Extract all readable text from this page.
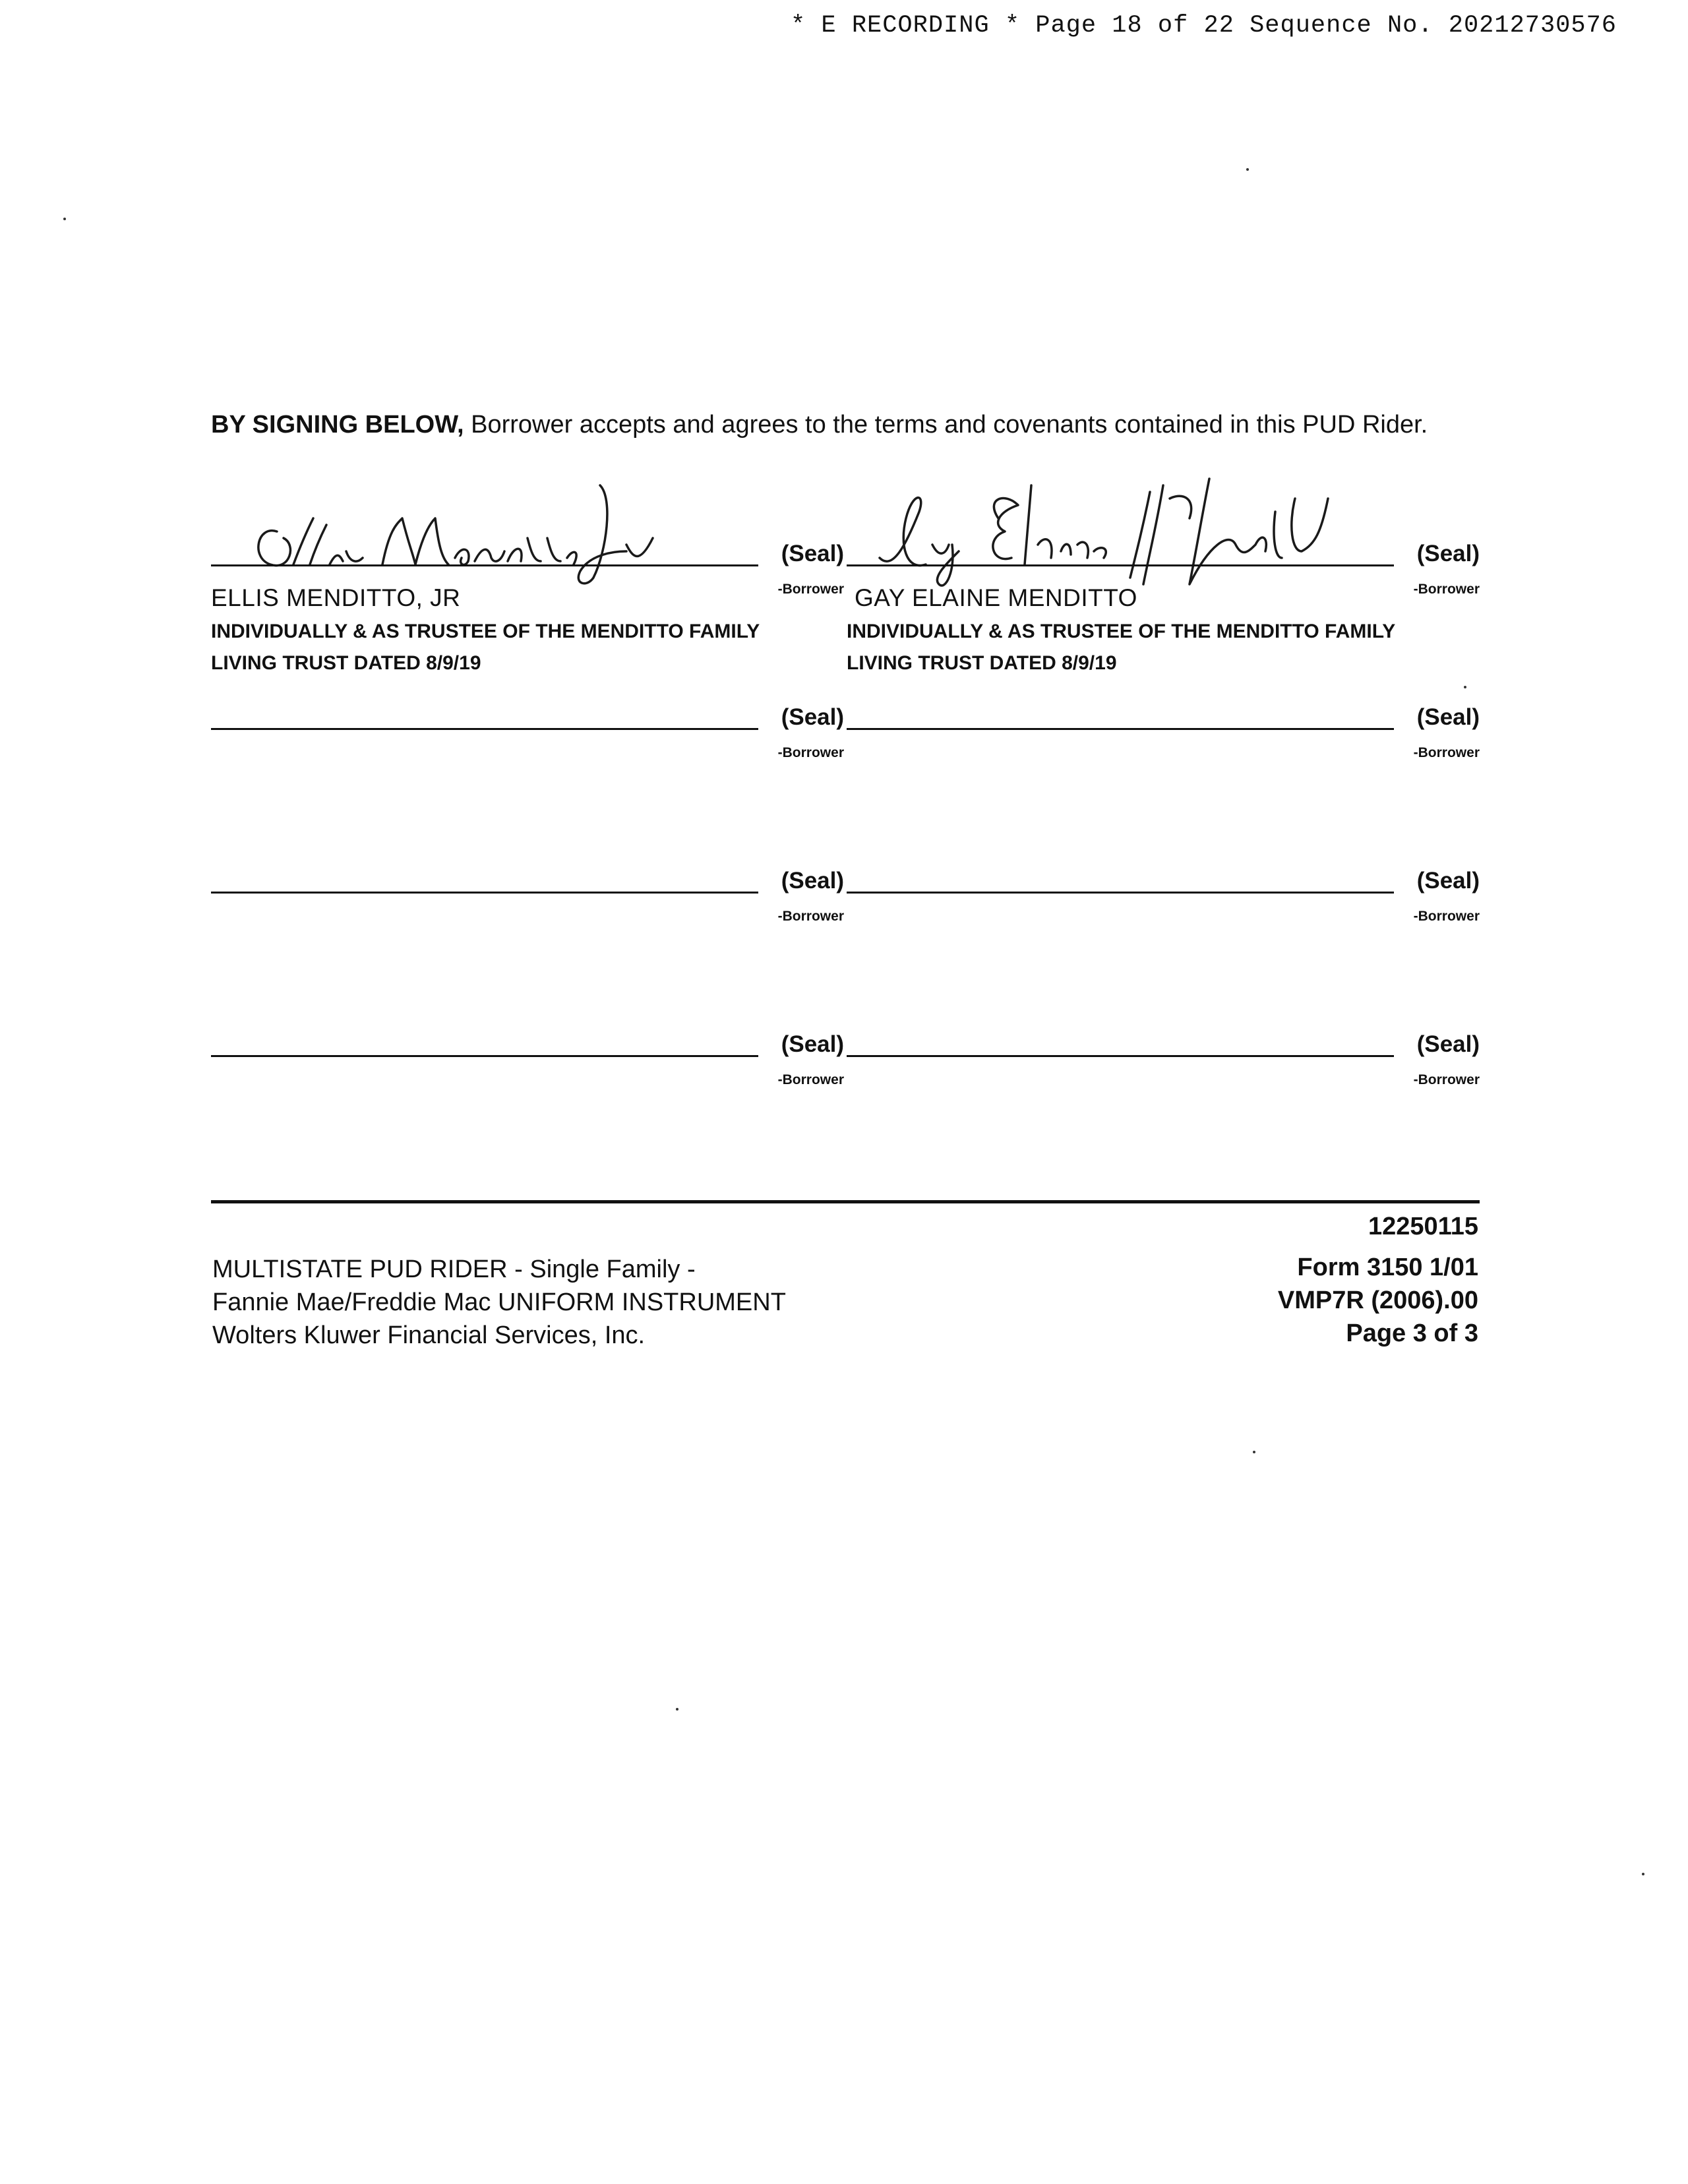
* E RECORDING * Page 18 of 22 Sequence No. 20212730576
BY SIGNING BELOW, Borrower accepts and agrees to the terms and covenants contained in this PUD Rider.
(Seal)
-Borrower
ELLIS MENDITTO, JR
INDIVIDUALLY & AS TRUSTEE OF THE MENDITTO FAMILY
LIVING TRUST DATED 8/9/19
(Seal)
-Borrower
GAY ELAINE MENDITTO
INDIVIDUALLY & AS TRUSTEE OF THE MENDITTO FAMILY
LIVING TRUST DATED 8/9/19
(Seal)
-Borrower
(Seal)
-Borrower
(Seal)
-Borrower
(Seal)
-Borrower
(Seal)
-Borrower
(Seal)
-Borrower
MULTISTATE PUD RIDER - Single Family -
Fannie Mae/Freddie Mac UNIFORM INSTRUMENT
Wolters Kluwer Financial Services, Inc.
12250115
Form 3150 1/01
VMP7R (2006).00
Page 3 of 3
